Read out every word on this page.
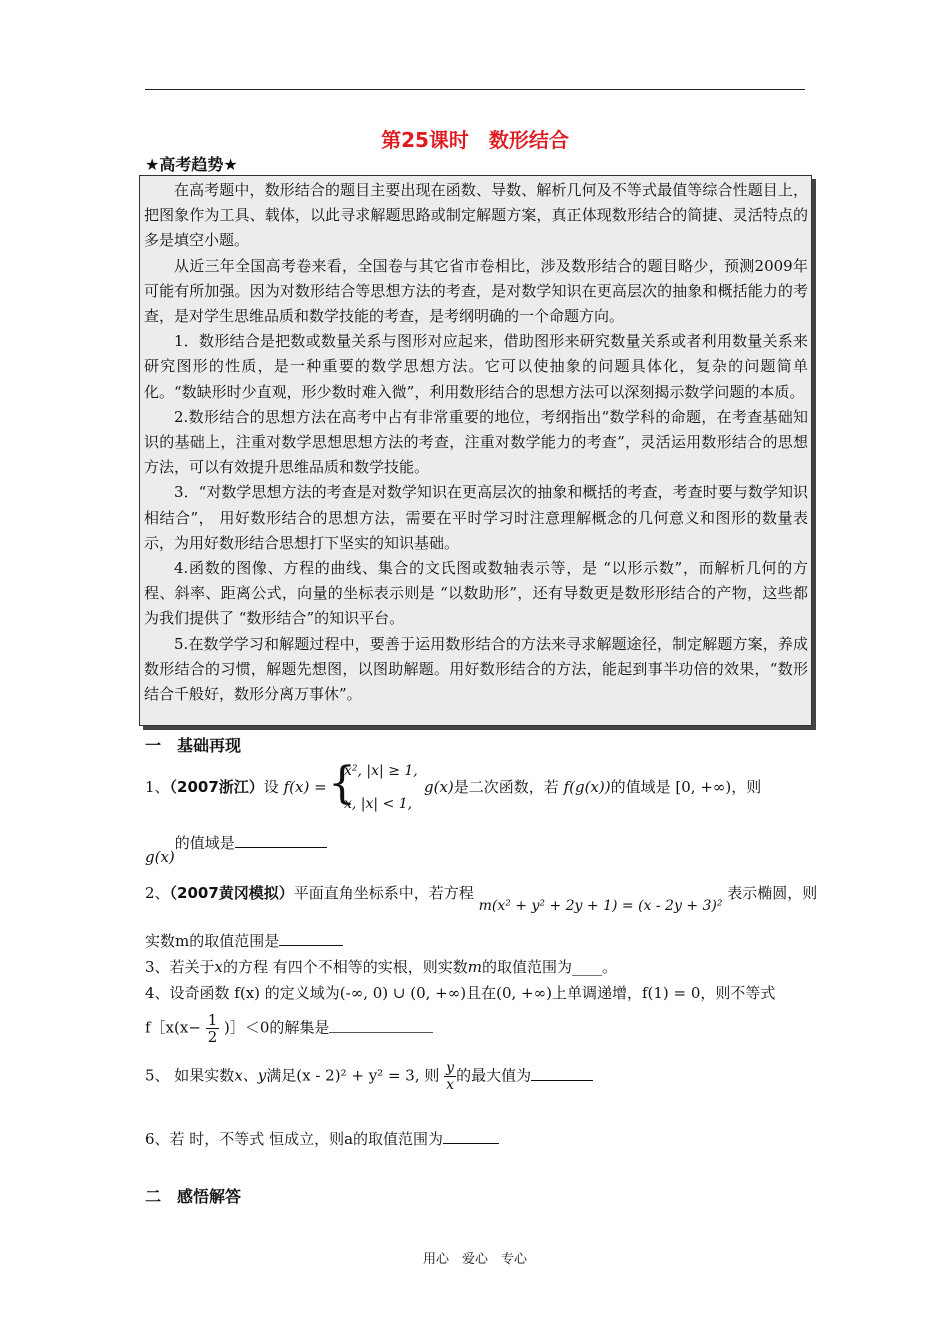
第25课时　数形结合
★高考趋势★

在高考题中，数形结合的题目主要出现在函数、导数、解析几何及不等式最值等综合性题目上，把图象作为工具、载体，以此寻求解题思路或制定解题方案，真正体现数形结合的简捷、灵活特点的多是填空小题。

从近三年全国高考卷来看，全国卷与其它省市卷相比，涉及数形结合的题目略少，预测2009年可能有所加强。因为对数形结合等思想方法的考查，是对数学知识在更高层次的抽象和概括能力的考查，是对学生思维品质和数学技能的考查，是考纲明确的一个命题方向。

1．数形结合是把数或数量关系与图形对应起来，借助图形来研究数量关系或者利用数量关系来研究图形的性质，是一种重要的数学思想方法。它可以使抽象的问题具体化，复杂的问题简单化。“数缺形时少直观，形少数时难入微”，利用数形结合的思想方法可以深刻揭示数学问题的本质。

2.数形结合的思想方法在高考中占有非常重要的地位，考纲指出“数学科的命题，在考查基础知识的基础上，注重对数学思想思想方法的考查，注重对数学能力的考查”，灵活运用数形结合的思想方法，可以有效提升思维品质和数学技能。

3．“对数学思想方法的考查是对数学知识在更高层次的抽象和概括的考查，考查时要与数学知识相结合”， 用好数形结合的思想方法，需要在平时学习时注意理解概念的几何意义和图形的数量表示，为用好数形结合思想打下坚实的知识基础。

4.函数的图像、方程的曲线、集合的文氏图或数轴表示等，是 “以形示数”，而解析几何的方程、斜率、距离公式，向量的坐标表示则是 “以数助形”，还有导数更是数形形结合的产物，这些都为我们提供了 “数形结合”的知识平台。

5.在数学学习和解题过程中，要善于运用数形结合的方法来寻求解题途径，制定解题方案，养成数形结合的习惯，解题先想图，以图助解题。用好数形结合的方法，能起到事半功倍的效果，“数形结合千般好，数形分离万事休”。

一　基础再现
1、（2007浙江）设 f(x) = {
x², |x| ≥ 1,
x, |x| < 1,
g(x)是二次函数，若 f(g(x))的值域是 [0, +∞)，则
g(x)的值域是
2、（2007黄冈模拟）平面直角坐标系中，若方程 m(x² + y² + 2y + 1) = (x - 2y + 3)² 表示椭圆，则
实数m的取值范围是
3、若关于x的方程 有四个不相等的实根，则实数m的取值范围为____。
4、设奇函数 f(x) 的定义域为(-∞, 0) ∪ (0, +∞)且在(0, +∞)上单调递增，f(1) = 0，则不等式
f［x(x− $\frac{1}{2}$ )］＜0的解集是
5、 如果实数x、y满足(x - 2)² + y² = 3, 则 $\frac{y}{x}$ 的最大值为
6、若 时，不等式 恒成立，则a的取值范围为
二　感悟解答
用心　爱心　专心
